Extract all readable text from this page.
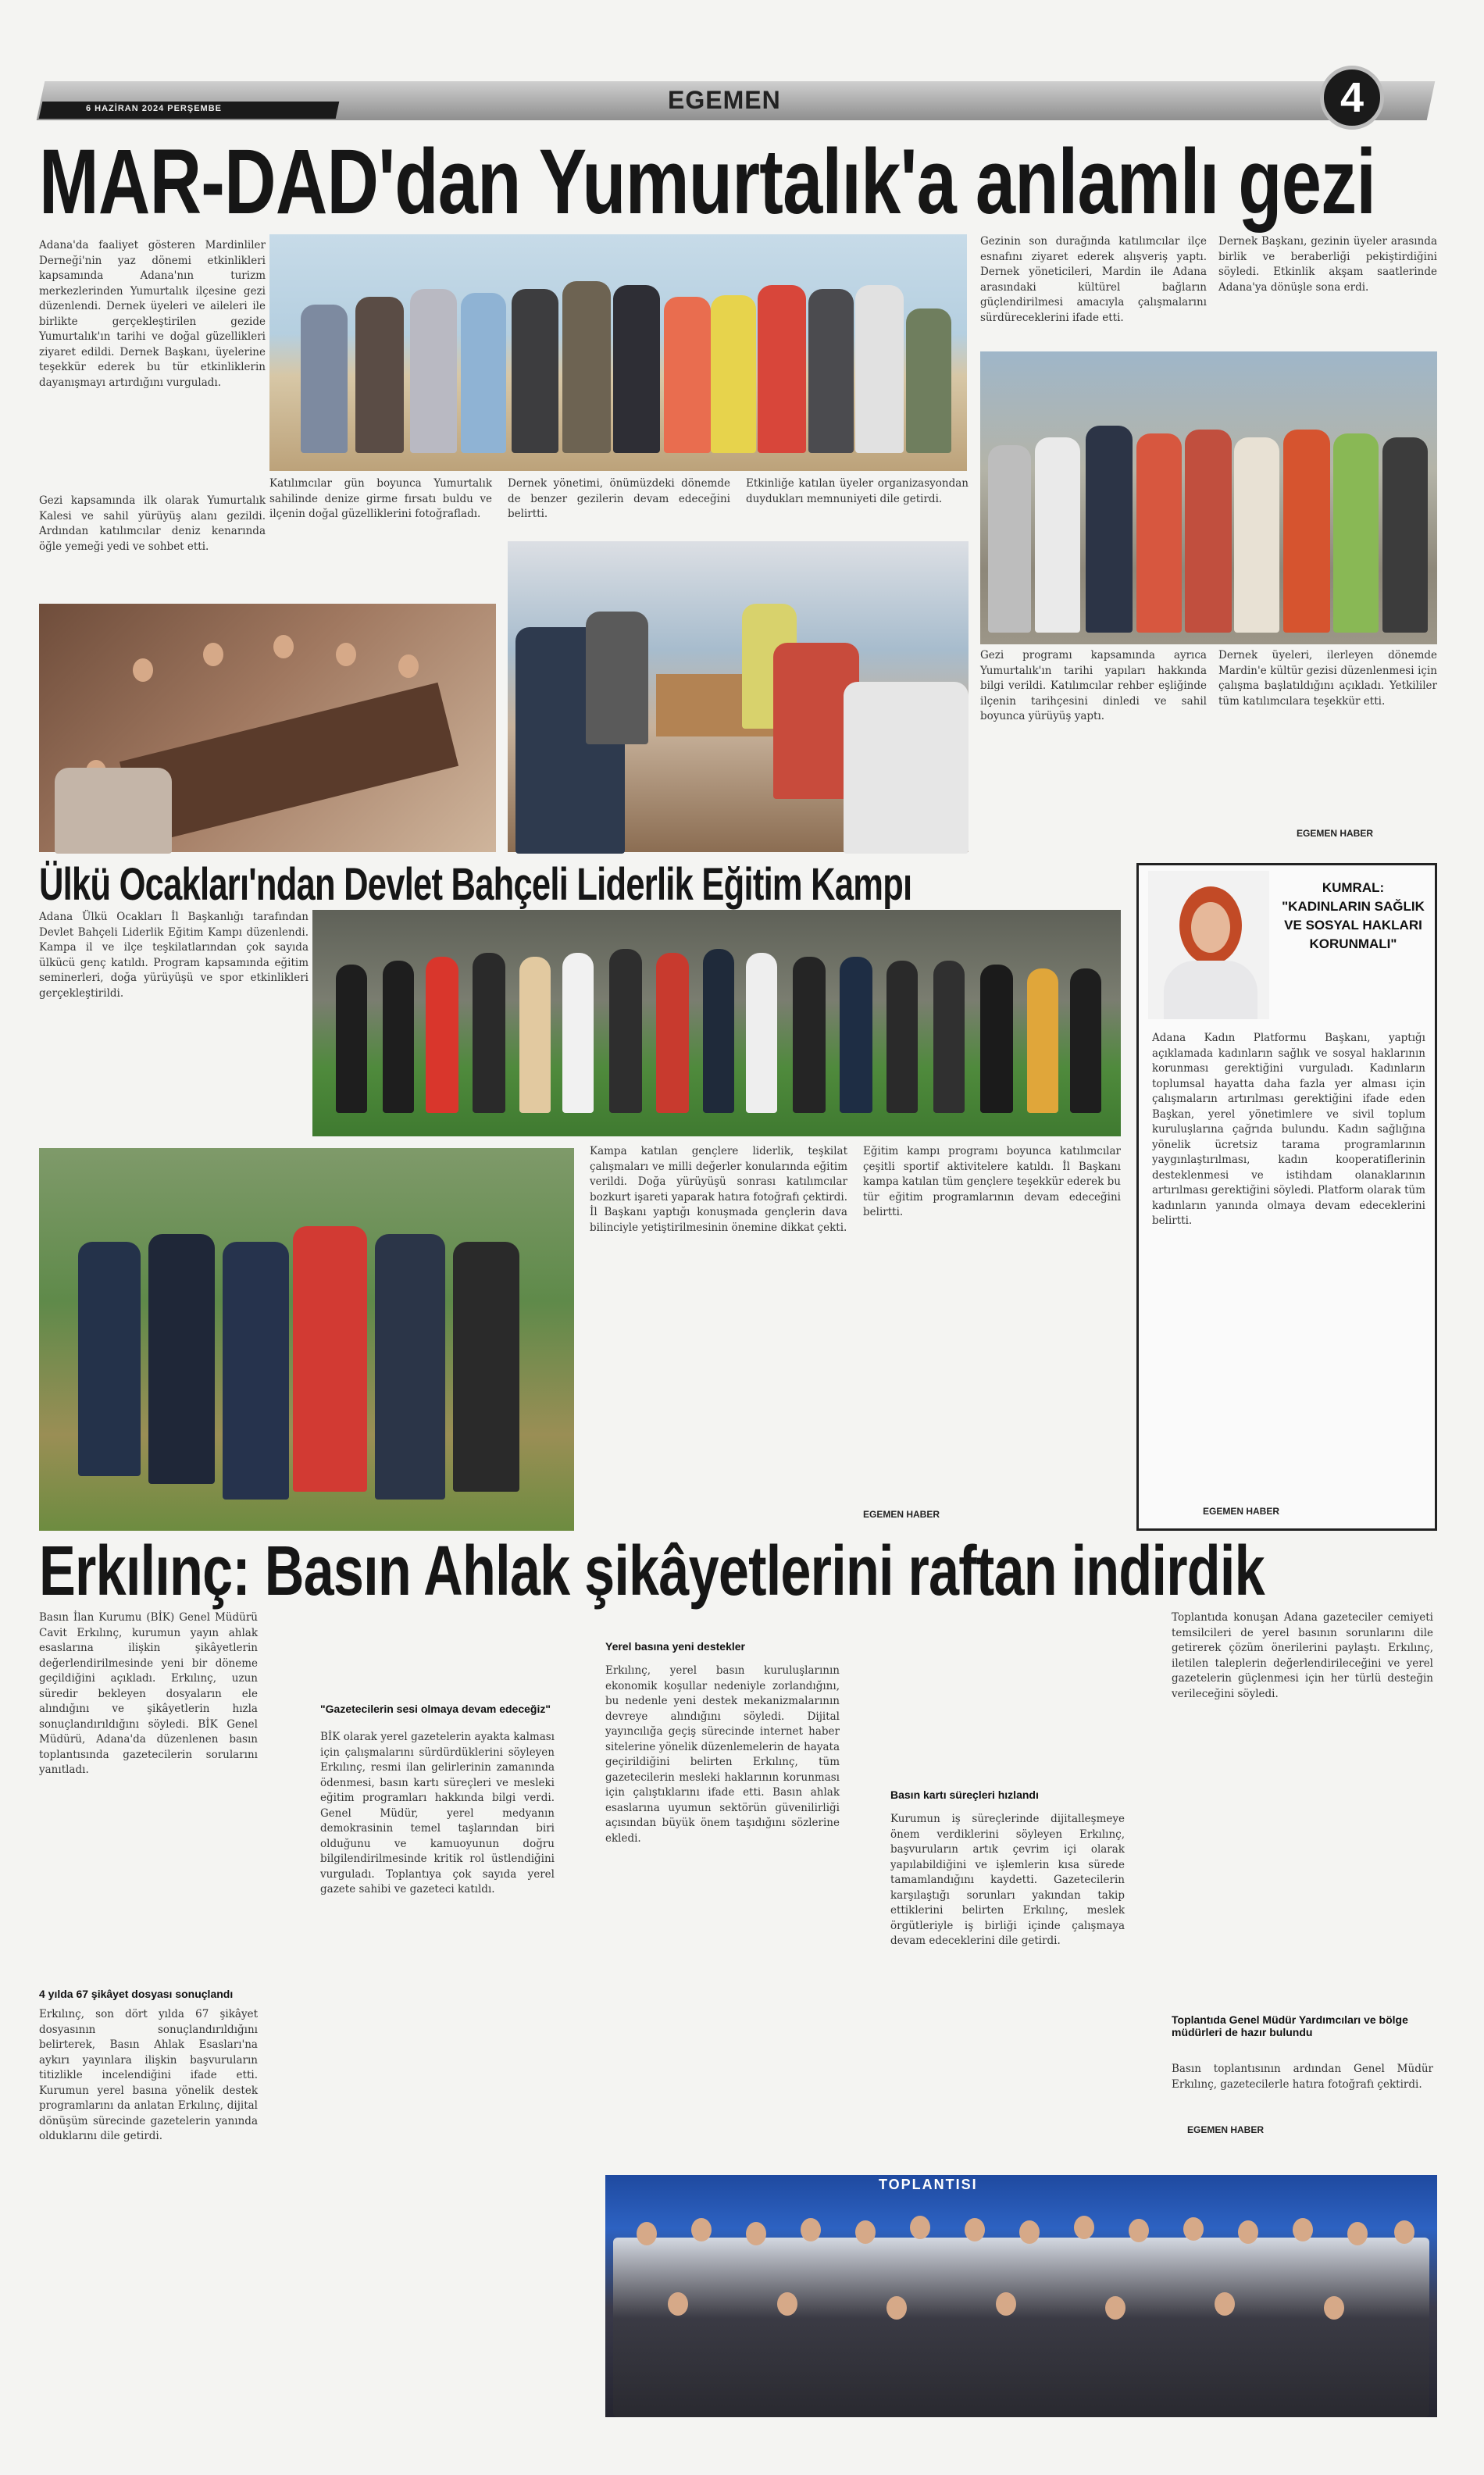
6 HAZİRAN 2024 PERŞEMBE	EGEMEN	4
MAR-DAD'dan Yumurtalık'a anlamlı gezi
Adana'da faaliyet gösteren Mardinliler Derneği'nin yaz dönemi etkinlikleri kapsamında Adana'nın turizm merkezlerinden Yumurtalık ilçesine gezi düzenlendi. Dernek üyeleri ve aileleri ile birlikte gerçekleştirilen gezide Yumurtalık'ın tarihi ve doğal güzellikleri ziyaret edildi. Dernek Başkanı, üyelerine teşekkür ederek bu tür etkinliklerin dayanışmayı artırdığını vurguladı.
Gezi kapsamında ilk olarak Yumurtalık Kalesi ve sahil yürüyüş alanı gezildi. Ardından katılımcılar deniz kenarında öğle yemeği yedi ve sohbet etti.
Katılımcılar gün boyunca Yumurtalık sahilinde denize girme fırsatı buldu ve ilçenin doğal güzelliklerini fotoğrafladı.
Dernek yönetimi, önümüzdeki dönemde de benzer gezilerin devam edeceğini belirtti.
Etkinliğe katılan üyeler organizasyondan duydukları memnuniyeti dile getirdi.
Gezinin son durağında katılımcılar ilçe esnafını ziyaret ederek alışveriş yaptı. Dernek yöneticileri, Mardin ile Adana arasındaki kültürel bağların güçlendirilmesi amacıyla çalışmalarını sürdüreceklerini ifade etti.
Dernek Başkanı, gezinin üyeler arasında birlik ve beraberliği pekiştirdiğini söyledi. Etkinlik akşam saatlerinde Adana'ya dönüşle sona erdi.
Gezi programı kapsamında ayrıca Yumurtalık'ın tarihi yapıları hakkında bilgi verildi. Katılımcılar rehber eşliğinde ilçenin tarihçesini dinledi ve sahil boyunca yürüyüş yaptı.
Dernek üyeleri, ilerleyen dönemde Mardin'e kültür gezisi düzenlenmesi için çalışma başlatıldığını açıkladı. Yetkililer tüm katılımcılara teşekkür etti.
EGEMEN HABER
Ülkü Ocakları'ndan Devlet Bahçeli Liderlik Eğitim Kampı
Adana Ülkü Ocakları İl Başkanlığı tarafından Devlet Bahçeli Liderlik Eğitim Kampı düzenlendi. Kampa il ve ilçe teşkilatlarından çok sayıda ülkücü genç katıldı. Program kapsamında eğitim seminerleri, doğa yürüyüşü ve spor etkinlikleri gerçekleştirildi.
Kampa katılan gençlere liderlik, teşkilat çalışmaları ve milli değerler konularında eğitim verildi. Doğa yürüyüşü sonrası katılımcılar bozkurt işareti yaparak hatıra fotoğrafı çektirdi. İl Başkanı yaptığı konuşmada gençlerin dava bilinciyle yetiştirilmesinin önemine dikkat çekti.
Eğitim kampı programı boyunca katılımcılar çeşitli sportif aktivitelere katıldı. İl Başkanı kampa katılan tüm gençlere teşekkür ederek bu tür eğitim programlarının devam edeceğini belirtti.
EGEMEN HABER
KUMRAL: "KADINLARIN SAĞLIK VE SOSYAL HAKLARI KORUNMALI"
Adana Kadın Platformu Başkanı, yaptığı açıklamada kadınların sağlık ve sosyal haklarının korunması gerektiğini vurguladı. Kadınların toplumsal hayatta daha fazla yer alması için çalışmaların artırılması gerektiğini ifade eden Başkan, yerel yönetimlere ve sivil toplum kuruluşlarına çağrıda bulundu. Kadın sağlığına yönelik ücretsiz tarama programlarının yaygınlaştırılması, kadın kooperatiflerinin desteklenmesi ve istihdam olanaklarının artırılması gerektiğini söyledi. Platform olarak tüm kadınların yanında olmaya devam edeceklerini belirtti.
EGEMEN HABER
Erkılınç: Basın Ahlak şikâyetlerini raftan indirdik
Basın İlan Kurumu (BİK) Genel Müdürü Cavit Erkılınç, kurumun yayın ahlak esaslarına ilişkin şikâyetlerin değerlendirilmesinde yeni bir döneme geçildiğini açıkladı. Erkılınç, uzun süredir bekleyen dosyaların ele alındığını ve şikâyetlerin hızla sonuçlandırıldığını söyledi. BİK Genel Müdürü, Adana'da düzenlenen basın toplantısında gazetecilerin sorularını yanıtladı.
4 yılda 67 şikâyet dosyası sonuçlandı
Erkılınç, son dört yılda 67 şikâyet dosyasının sonuçlandırıldığını belirterek, Basın Ahlak Esasları'na aykırı yayınlara ilişkin başvuruların titizlikle incelendiğini ifade etti. Kurumun yerel basına yönelik destek programlarını da anlatan Erkılınç, dijital dönüşüm sürecinde gazetelerin yanında olduklarını dile getirdi.
"Gazetecilerin sesi olmaya devam edeceğiz"
BİK olarak yerel gazetelerin ayakta kalması için çalışmalarını sürdürdüklerini söyleyen Erkılınç, resmi ilan gelirlerinin zamanında ödenmesi, basın kartı süreçleri ve mesleki eğitim programları hakkında bilgi verdi. Genel Müdür, yerel medyanın demokrasinin temel taşlarından biri olduğunu ve kamuoyunun doğru bilgilendirilmesinde kritik rol üstlendiğini vurguladı. Toplantıya çok sayıda yerel gazete sahibi ve gazeteci katıldı.
Yerel basına yeni destekler
Erkılınç, yerel basın kuruluşlarının ekonomik koşullar nedeniyle zorlandığını, bu nedenle yeni destek mekanizmalarının devreye alındığını söyledi. Dijital yayıncılığa geçiş sürecinde internet haber sitelerine yönelik düzenlemelerin de hayata geçirildiğini belirten Erkılınç, tüm gazetecilerin mesleki haklarının korunması için çalıştıklarını ifade etti. Basın ahlak esaslarına uyumun sektörün güvenilirliği açısından büyük önem taşıdığını sözlerine ekledi.
Basın kartı süreçleri hızlandı
Kurumun iş süreçlerinde dijitalleşmeye önem verdiklerini söyleyen Erkılınç, başvuruların artık çevrim içi olarak yapılabildiğini ve işlemlerin kısa sürede tamamlandığını kaydetti. Gazetecilerin karşılaştığı sorunları yakından takip ettiklerini belirten Erkılınç, meslek örgütleriyle iş birliği içinde çalışmaya devam edeceklerini dile getirdi.
Toplantıda konuşan Adana gazeteciler cemiyeti temsilcileri de yerel basının sorunlarını dile getirerek çözüm önerilerini paylaştı. Erkılınç, iletilen taleplerin değerlendirileceğini ve yerel gazetelerin güçlenmesi için her türlü desteğin verileceğini söyledi.
Toplantıda Genel Müdür Yardımcıları ve bölge müdürleri de hazır bulundu
Basın toplantısının ardından Genel Müdür Erkılınç, gazetecilerle hatıra fotoğrafı çektirdi.
EGEMEN HABER
TOPLANTISI
